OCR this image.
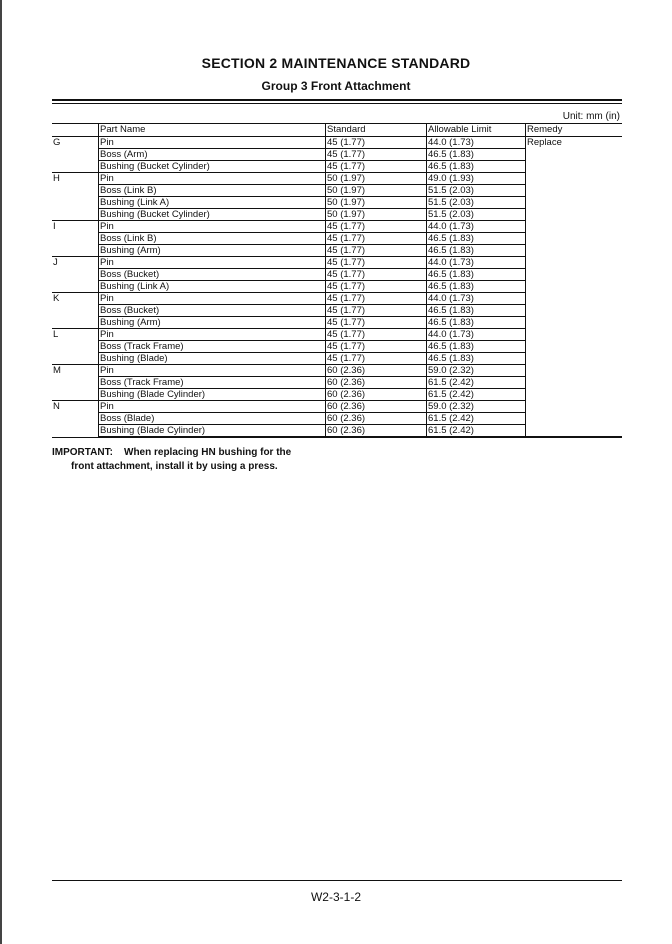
SECTION 2 MAINTENANCE STANDARD
Group 3 Front Attachment
Unit: mm (in)
	Part Name	Standard	Allowable Limit	Remedy
G	Pin	45 (1.77)	44.0 (1.73)	Replace
	Boss (Arm)	45 (1.77)	46.5 (1.83)	
	Bushing (Bucket Cylinder)	45 (1.77)	46.5 (1.83)	
H	Pin	50 (1.97)	49.0 (1.93)	
	Boss (Link B)	50 (1.97)	51.5 (2.03)	
	Bushing (Link A)	50 (1.97)	51.5 (2.03)	
	Bushing (Bucket Cylinder)	50 (1.97)	51.5 (2.03)	
I	Pin	45 (1.77)	44.0 (1.73)	
	Boss (Link B)	45 (1.77)	46.5 (1.83)	
	Bushing (Arm)	45 (1.77)	46.5 (1.83)	
J	Pin	45 (1.77)	44.0 (1.73)	
	Boss (Bucket)	45 (1.77)	46.5 (1.83)	
	Bushing (Link A)	45 (1.77)	46.5 (1.83)	
K	Pin	45 (1.77)	44.0 (1.73)	
	Boss (Bucket)	45 (1.77)	46.5 (1.83)	
	Bushing (Arm)	45 (1.77)	46.5 (1.83)	
L	Pin	45 (1.77)	44.0 (1.73)	
	Boss (Track Frame)	45 (1.77)	46.5 (1.83)	
	Bushing (Blade)	45 (1.77)	46.5 (1.83)	
M	Pin	60 (2.36)	59.0 (2.32)	
	Boss (Track Frame)	60 (2.36)	61.5 (2.42)	
	Bushing (Blade Cylinder)	60 (2.36)	61.5 (2.42)	
N	Pin	60 (2.36)	59.0 (2.32)	
	Boss (Blade)	60 (2.36)	61.5 (2.42)	
	Bushing (Blade Cylinder)	60 (2.36)	61.5 (2.42)	
IMPORTANT: When replacing HN bushing for the
front attachment, install it by using a press.
W2-3-1-2
